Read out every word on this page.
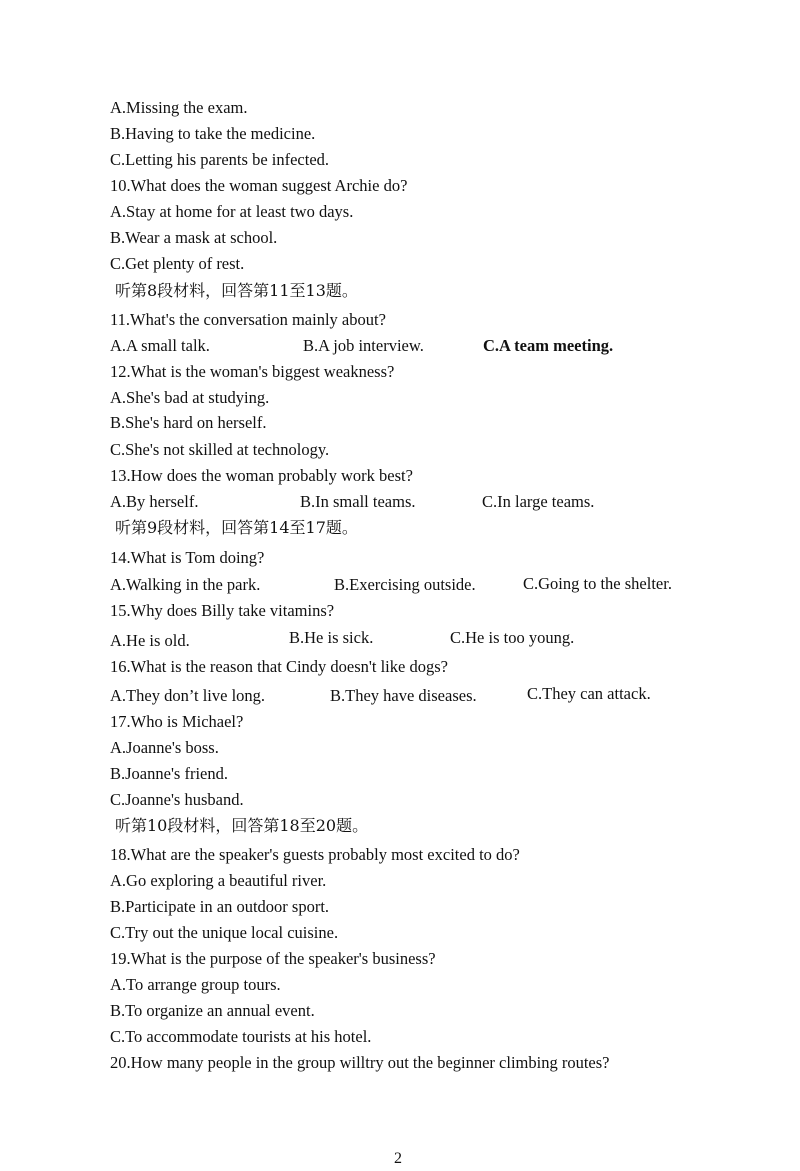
A.Missing the exam.
B.Having to take the medicine.
C.Letting his parents be infected.
10.What does the woman suggest Archie do?
A.Stay at home for at least two days.
B.Wear a mask at school.
C.Get plenty of rest.
听第8段材料，回答第11至13题。
11.What's the conversation mainly about?
A.A small talk.	B.A job interview.	C.A team meeting.
12.What is the woman's biggest weakness?
A.She's bad at studying.
B.She's hard on herself.
C.She's not skilled at technology.
13.How does the woman probably work best?
A.By herself.	B.In small teams.	C.In large teams.
听第9段材料，回答第14至17题。
14.What is Tom doing?
A.Walking in the park.	B.Exercising outside.	C.Going to the shelter.
15.Why does Billy take vitamins?
A.He is old.	B.He is sick.	C.He is too young.
16.What is the reason that Cindy doesn't like dogs?
A.They don’t live long.	B.They have diseases.	C.They can attack.
17.Who is Michael?
A.Joanne's boss.
B.Joanne's friend.
C.Joanne's husband.
听第10段材料，回答第18至20题。
18.What are the speaker's guests probably most excited to do?
A.Go exploring a beautiful river.
B.Participate in an outdoor sport.
C.Try out the unique local cuisine.
19.What is the purpose of the speaker's business?
A.To arrange group tours.
B.To organize an annual event.
C.To accommodate tourists at his hotel.
20.How many people in the group willtry out the beginner climbing routes?
2
